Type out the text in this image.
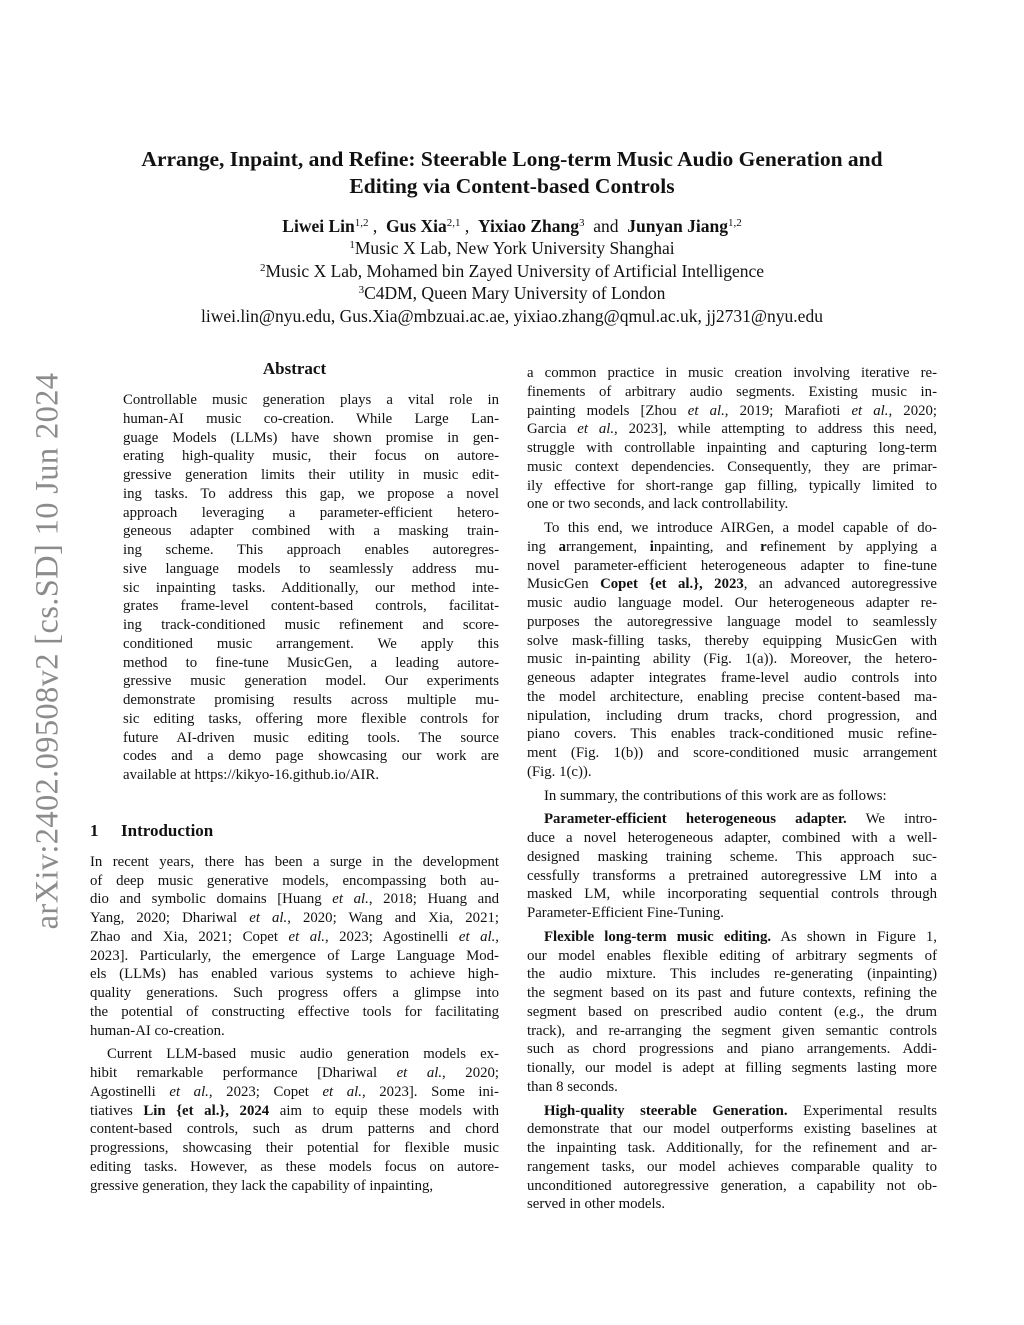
arXiv:2402.09508v2 [cs.SD] 10 Jun 2024
Arrange, Inpaint, and Refine: Steerable Long-term Music Audio Generation and
Editing via Content-based Controls
Liwei Lin$^{1,2}$ ,  Gus Xia$^{2,1}$ ,  Yixiao Zhang$^3$ and Junyan Jiang$^{1,2}$
$^1$Music X Lab, New York University Shanghai
$^2$Music X Lab, Mohamed bin Zayed University of Artificial Intelligence
$^3$C4DM, Queen Mary University of London
liwei.lin@nyu.edu, Gus.Xia@mbzuai.ac.ae, yixiao.zhang@qmul.ac.uk, jj2731@nyu.edu
Abstract
Controllable music generation plays a vital role in
human-AI music co-creation. While Large Lan-
guage Models (LLMs) have shown promise in gen-
erating high-quality music, their focus on autore-
gressive generation limits their utility in music edit-
ing tasks. To address this gap, we propose a novel
approach leveraging a parameter-efficient hetero-
geneous adapter combined with a masking train-
ing scheme. This approach enables autoregres-
sive language models to seamlessly address mu-
sic inpainting tasks. Additionally, our method inte-
grates frame-level content-based controls, facilitat-
ing track-conditioned music refinement and score-
conditioned music arrangement. We apply this
method to fine-tune MusicGen, a leading autore-
gressive music generation model. Our experiments
demonstrate promising results across multiple mu-
sic editing tasks, offering more flexible controls for
future AI-driven music editing tools. The source
codes and a demo page showcasing our work are
available at https://kikyo-16.github.io/AIR.
1 Introduction
In recent years, there has been a surge in the development
of deep music generative models, encompassing both au-
dio and symbolic domains [Huang et al., 2018; Huang and
Yang, 2020; Dhariwal et al., 2020; Wang and Xia, 2021;
Zhao and Xia, 2021; Copet et al., 2023; Agostinelli et al.,
2023]. Particularly, the emergence of Large Language Mod-
els (LLMs) has enabled various systems to achieve high-
quality generations. Such progress offers a glimpse into
the potential of constructing effective tools for facilitating
human-AI co-creation.
Current LLM-based music audio generation models ex-
hibit remarkable performance [Dhariwal et al., 2020;
Agostinelli et al., 2023; Copet et al., 2023]. Some ini-
tiatives Lin {et al.}, 2024 aim to equip these models with
content-based controls, such as drum patterns and chord
progressions, showcasing their potential for flexible music
editing tasks. However, as these models focus on autore-
gressive generation, they lack the capability of inpainting,
a common practice in music creation involving iterative re-
finements of arbitrary audio segments. Existing music in-
painting models [Zhou et al., 2019; Marafioti et al., 2020;
Garcia et al., 2023], while attempting to address this need,
struggle with controllable inpainting and capturing long-term
music context dependencies. Consequently, they are primar-
ily effective for short-range gap filling, typically limited to
one or two seconds, and lack controllability.
To this end, we introduce AIRGen, a model capable of do-
ing arrangement, inpainting, and refinement by applying a
novel parameter-efficient heterogeneous adapter to fine-tune
MusicGen Copet {et al.}, 2023, an advanced autoregressive
music audio language model. Our heterogeneous adapter re-
purposes the autoregressive language model to seamlessly
solve mask-filling tasks, thereby equipping MusicGen with
music in-painting ability (Fig. 1(a)). Moreover, the hetero-
geneous adapter integrates frame-level audio controls into
the model architecture, enabling precise content-based ma-
nipulation, including drum tracks, chord progression, and
piano covers. This enables track-conditioned music refine-
ment (Fig. 1(b)) and score-conditioned music arrangement
(Fig. 1(c)).
In summary, the contributions of this work are as follows:
Parameter-efficient heterogeneous adapter. We intro-
duce a novel heterogeneous adapter, combined with a well-
designed masking training scheme. This approach suc-
cessfully transforms a pretrained autoregressive LM into a
masked LM, while incorporating sequential controls through
Parameter-Efficient Fine-Tuning.
Flexible long-term music editing. As shown in Figure 1,
our model enables flexible editing of arbitrary segments of
the audio mixture. This includes re-generating (inpainting)
the segment based on its past and future contexts, refining the
segment based on prescribed audio content (e.g., the drum
track), and re-arranging the segment given semantic controls
such as chord progressions and piano arrangements. Addi-
tionally, our model is adept at filling segments lasting more
than 8 seconds.
High-quality steerable Generation. Experimental results
demonstrate that our model outperforms existing baselines at
the inpainting task. Additionally, for the refinement and ar-
rangement tasks, our model achieves comparable quality to
unconditioned autoregressive generation, a capability not ob-
served in other models.
